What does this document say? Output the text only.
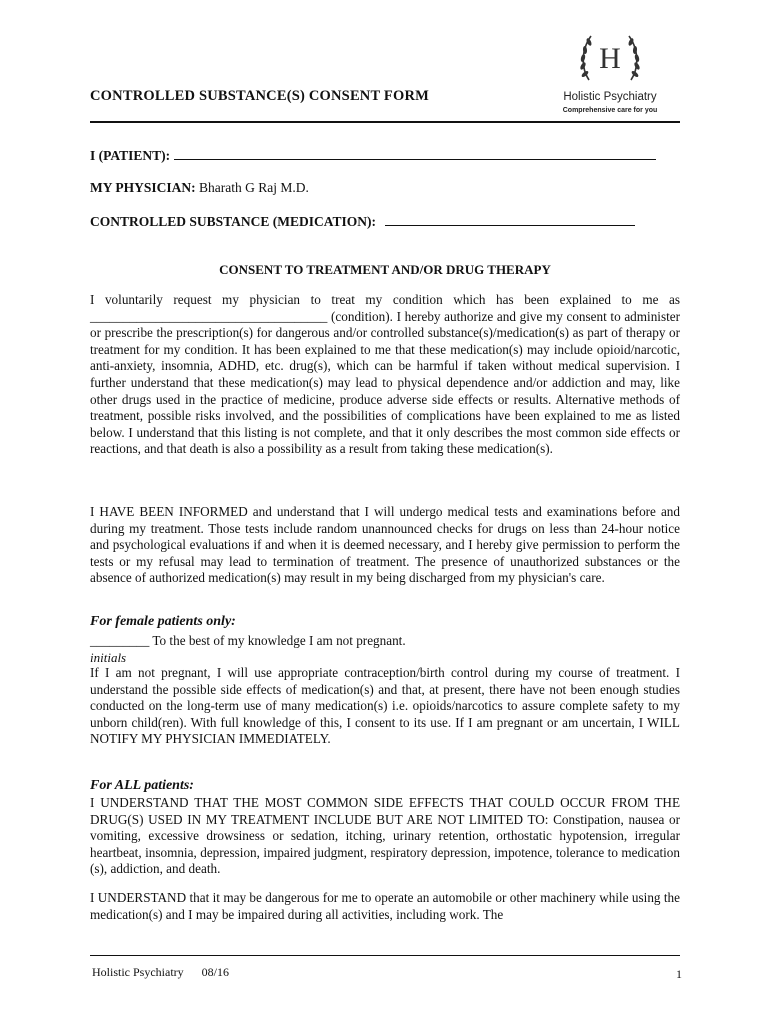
CONTROLLED SUBSTANCE(S) CONSENT FORM
H
Holistic Psychiatry
Comprehensive care for you
I (PATIENT):
MY PHYSICIAN: Bharath G Raj M.D.
CONTROLLED SUBSTANCE (MEDICATION):
CONSENT TO TREATMENT AND/OR DRUG THERAPY
I voluntarily request my physician to treat my condition which has been explained to me as ____________________________________ (condition). I hereby authorize and give my consent to administer or prescribe the prescription(s) for dangerous and/or controlled substance(s)/medication(s) as part of therapy or treatment for my condition. It has been explained to me that these medication(s) may include opioid/narcotic, anti-anxiety, insomnia, ADHD, etc. drug(s), which can be harmful if taken without medical supervision. I further understand that these medication(s) may lead to physical dependence and/or addiction and may, like other drugs used in the practice of medicine, produce adverse side effects or results. Alternative methods of treatment, possible risks involved, and the possibilities of complications have been explained to me as listed below. I understand that this listing is not complete, and that it only describes the most common side effects or reactions, and that death is also a possibility as a result from taking these medication(s).
I HAVE BEEN INFORMED and understand that I will undergo medical tests and examinations before and during my treatment. Those tests include random unannounced checks for drugs on less than 24-hour notice and psychological evaluations if and when it is deemed necessary, and I hereby give permission to perform the tests or my refusal may lead to termination of treatment. The presence of unauthorized substances or the absence of authorized medication(s) may result in my being discharged from my physician's care.
For female patients only:
_________ To the best of my knowledge I am not pregnant.
initials
If I am not pregnant, I will use appropriate contraception/birth control during my course of treatment. I understand the possible side effects of medication(s) and that, at present, there have not been enough studies conducted on the long-term use of many medication(s) i.e. opioids/narcotics to assure complete safety to my unborn child(ren). With full knowledge of this, I consent to its use. If I am pregnant or am uncertain, I WILL NOTIFY MY PHYSICIAN IMMEDIATELY.
For ALL patients:
I UNDERSTAND THAT THE MOST COMMON SIDE EFFECTS THAT COULD OCCUR FROM THE DRUG(S) USED IN MY TREATMENT INCLUDE BUT ARE NOT LIMITED TO: Constipation, nausea or vomiting, excessive drowsiness or sedation, itching, urinary retention, orthostatic hypotension, irregular heartbeat, insomnia, depression, impaired judgment, respiratory depression, impotence, tolerance to medication (s), addiction, and death.
I UNDERSTAND that it may be dangerous for me to operate an automobile or other machinery while using the medication(s) and I may be impaired during all activities, including work. The
Holistic Psychiatry      08/16	1
